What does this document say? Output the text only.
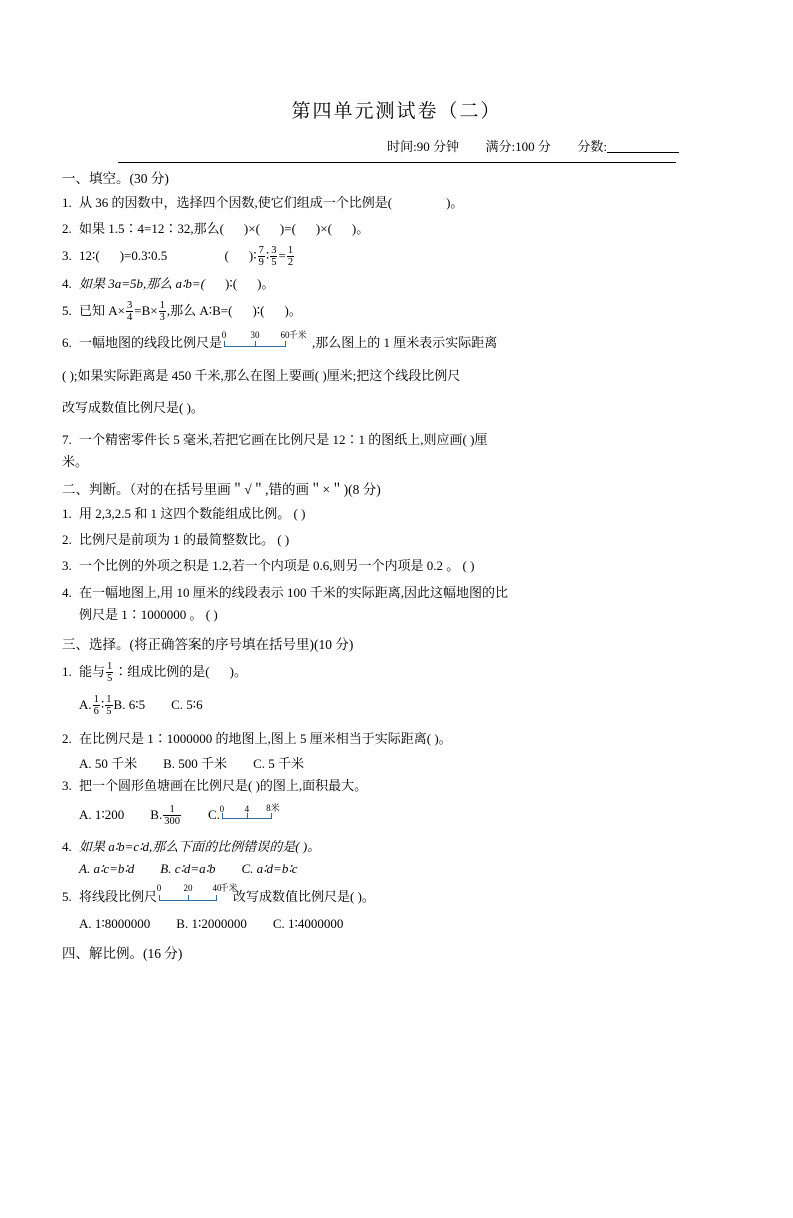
第四单元测试卷（二）
时间:90 分钟 满分:100 分 分数:
一、填空。(30 分)
1. 从 36 的因数中，选择四个因数,使它们组成一个比例是(	)。
2. 如果 1.5∶4=12∶32,那么( )×( )=( )×( )。
3. 12∶( )=0.3∶0.5	( )∶ $\frac{7}{9}$ ∶ $\frac{3}{5} = \frac{1}{2}$
4. 如果 3a=5b,那么 a∶b=( )∶( )。
5. 已知 $A\times \frac{3}{4} =B\times \frac{1}{3}$ ,那么 A∶B=( )∶( )。
6. 一幅地图的线段比例尺是
0	30 60 千米
,那么图上的 1 厘米表示实际距离
( );如果实际距离是 450 千米,那么在图上要画( )厘米;把这个线段比例尺
改写成数值比例尺是( )。
7. 一个精密零件长 5 毫米,若把它画在比例尺是 12∶1 的图纸上,则应画( )厘
米。
二、判断。（对的在括号里画＂√＂,错的画＂×＂)(8 分)
1. 用 2,3,2.5 和 1 这四个数能组成比例。 ( )
2. 比例尺是前项为 1 的最简整数比。 ( )
3. 一个比例的外项之积是 1.2,若一个内项是 0.6,则另一个内项是 0.2 。 ( )
4. 在一幅地图上,用 10 厘米的线段表示 100 千米的实际距离,因此这幅地图的比
例尺是 1∶1000000 。 ( )
三、选择。(将正确答案的序号填在括号里)(10 分)
1. 能与 $\frac{1}{5}$ ∶组成比例的是( )。
A. $\frac{1}{6}$ ∶ $\frac{1}{5} B$. 6∶5 C. 5∶6
2. 在比例尺是 1∶1000000 的地图上,图上 5 厘米相当于实际距离( )。
A. 50 千米 B. 500 千米 C. 5 千米
3. 把一个圆形鱼塘画在比例尺是( )的图上,面积最大。
A. 1∶200 B. $\frac{1}{300} C$. 0 4 8米
4. 如果 a∶b=c∶d,那么下面的比例错误的是( )。
A. a∶c=b∶d B. c∶d=a∶b C. a∶d=b∶c
5. 将线段比例尺
0 20 40
千米
改写成数值比例尺是( )。
A. 1∶8000000 B. 1∶2000000 C. 1∶4000000
四、解比例。(16 分)
